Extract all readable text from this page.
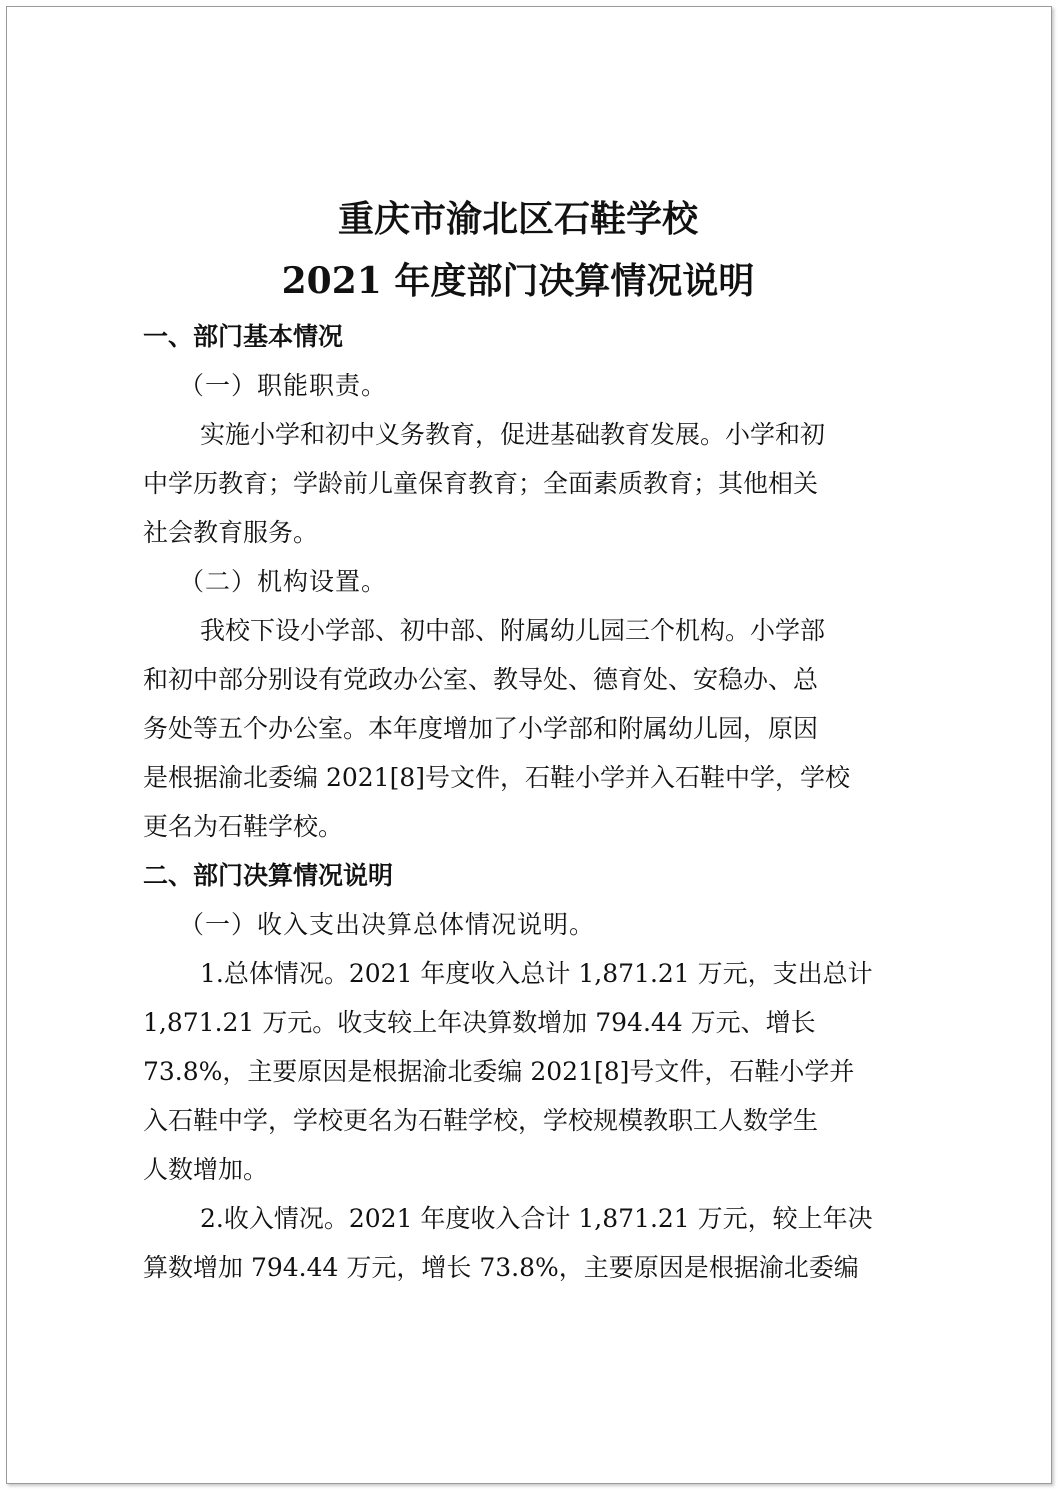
重庆市渝北区石鞋学校
2021 年度部门决算情况说明
一、部门基本情况
（一）职能职责。
实施小学和初中义务教育，促进基础教育发展。小学和初
中学历教育；学龄前儿童保育教育；全面素质教育；其他相关
社会教育服务。
（二）机构设置。
我校下设小学部、初中部、附属幼儿园三个机构。小学部
和初中部分别设有党政办公室、教导处、德育处、安稳办、总
务处等五个办公室。本年度增加了小学部和附属幼儿园，原因
是根据渝北委编 2021[8]号文件，石鞋小学并入石鞋中学，学校
更名为石鞋学校。
二、部门决算情况说明
（一）收入支出决算总体情况说明。
1.总体情况。2021 年度收入总计 1,871.21 万元，支出总计
1,871.21 万元。收支较上年决算数增加 794.44 万元、增长
73.8%，主要原因是根据渝北委编 2021[8]号文件，石鞋小学并
入石鞋中学，学校更名为石鞋学校，学校规模教职工人数学生
人数增加。
2.收入情况。2021 年度收入合计 1,871.21 万元，较上年决
算数增加 794.44 万元，增长 73.8%，主要原因是根据渝北委编
